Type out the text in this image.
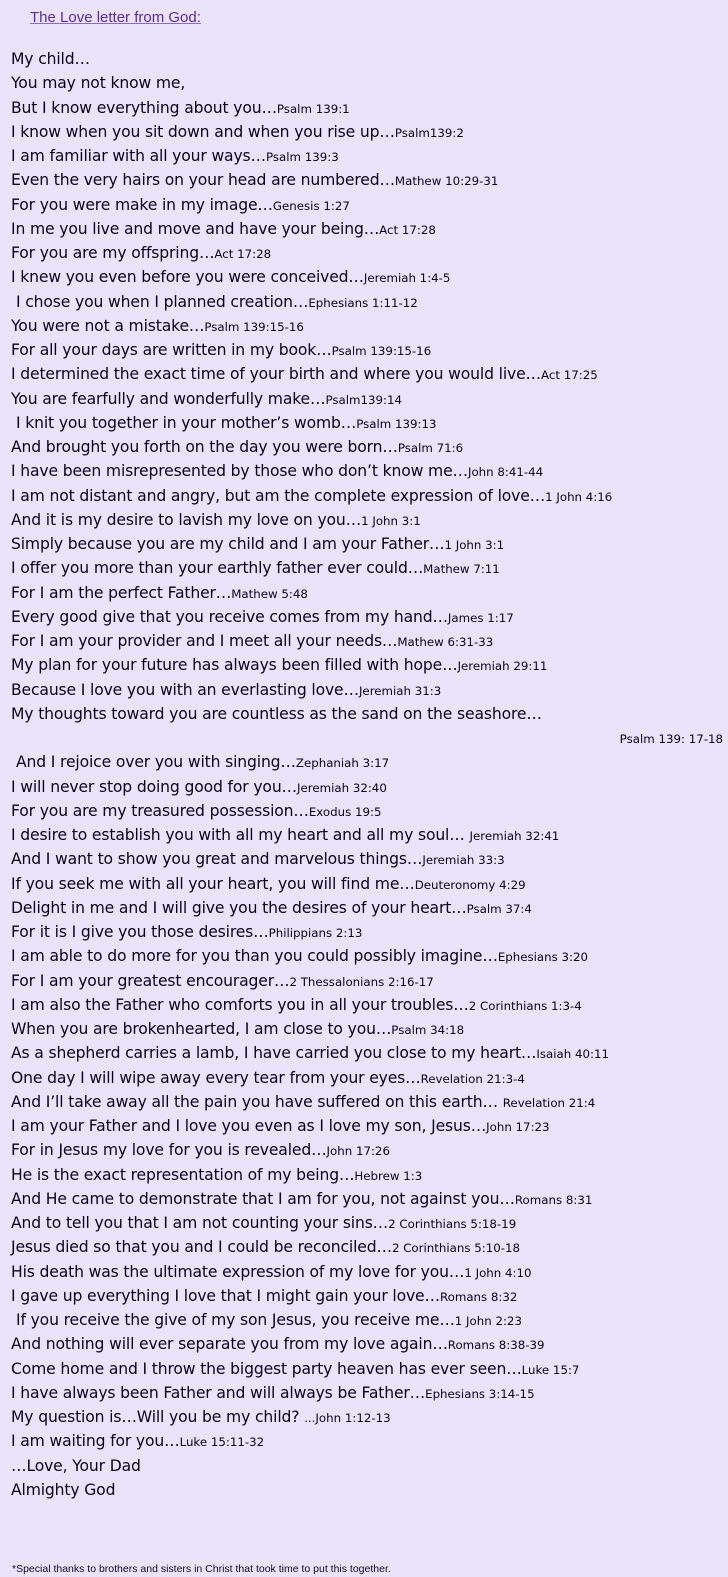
The Love letter from God:
My child…
You may not know me,
But I know everything about you…Psalm 139:1
I know when you sit down and when you rise up…Psalm139:2
I am familiar with all your ways…Psalm 139:3
Even the very hairs on your head are numbered…Mathew 10:29-31
For you were make in my image…Genesis 1:27
In me you live and move and have your being…Act 17:28
For you are my offspring…Act 17:28
I knew you even before you were conceived…Jeremiah 1:4-5
I chose you when I planned creation…Ephesians 1:11-12
You were not a mistake…Psalm 139:15-16
For all your days are written in my book…Psalm 139:15-16
I determined the exact time of your birth and where you would live…Act 17:25
You are fearfully and wonderfully make…Psalm139:14
I knit you together in your mother’s womb…Psalm 139:13
And brought you forth on the day you were born…Psalm 71:6
I have been misrepresented by those who don’t know me…John 8:41-44
I am not distant and angry, but am the complete expression of love…1 John 4:16
And it is my desire to lavish my love on you…1 John 3:1
Simply because you are my child and I am your Father…1 John 3:1
I offer you more than your earthly father ever could…Mathew 7:11
For I am the perfect Father…Mathew 5:48
Every good give that you receive comes from my hand…James 1:17
For I am your provider and I meet all your needs…Mathew 6:31-33
My plan for your future has always been filled with hope…Jeremiah 29:11
Because I love you with an everlasting love…Jeremiah 31:3
My thoughts toward you are countless as the sand on the seashore…
Psalm 139: 17-18
And I rejoice over you with singing…Zephaniah 3:17
I will never stop doing good for you…Jeremiah 32:40
For you are my treasured possession…Exodus 19:5
I desire to establish you with all my heart and all my soul… Jeremiah 32:41
And I want to show you great and marvelous things…Jeremiah 33:3
If you seek me with all your heart, you will find me…Deuteronomy 4:29
Delight in me and I will give you the desires of your heart…Psalm 37:4
For it is I give you those desires…Philippians 2:13
I am able to do more for you than you could possibly imagine…Ephesians 3:20
For I am your greatest encourager…2 Thessalonians 2:16-17
I am also the Father who comforts you in all your troubles…2 Corinthians 1:3-4
When you are brokenhearted, I am close to you…Psalm 34:18
As a shepherd carries a lamb, I have carried you close to my heart…Isaiah 40:11
One day I will wipe away every tear from your eyes…Revelation 21:3-4
And I’ll take away all the pain you have suffered on this earth… Revelation 21:4
I am your Father and I love you even as I love my son, Jesus…John 17:23
For in Jesus my love for you is revealed…John 17:26
He is the exact representation of my being…Hebrew 1:3
And He came to demonstrate that I am for you, not against you…Romans 8:31
And to tell you that I am not counting your sins…2 Corinthians 5:18-19
Jesus died so that you and I could be reconciled…2 Corinthians 5:10-18
His death was the ultimate expression of my love for you…1 John 4:10
I gave up everything I love that I might gain your love…Romans 8:32
If you receive the give of my son Jesus, you receive me…1 John 2:23
And nothing will ever separate you from my love again…Romans 8:38-39
Come home and I throw the biggest party heaven has ever seen…Luke 15:7
I have always been Father and will always be Father…Ephesians 3:14-15
My question is…Will you be my child? ...John 1:12-13
I am waiting for you…Luke 15:11-32
…Love, Your Dad
Almighty God
*Special thanks to brothers and sisters in Christ that took time to put this together.
